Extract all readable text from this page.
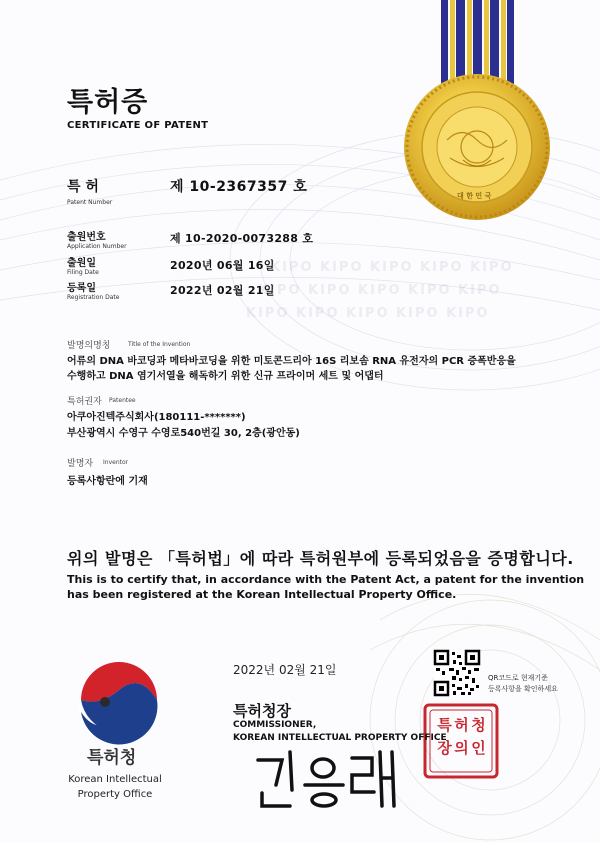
KIPO KIPO KIPO KIPO KIPO
KIPO KIPO KIPO KIPO KIPO
KIPO KIPO KIPO KIPO KIPO
대 한 민 국
특 허 청
장 의 인
특허증
CERTIFICATE OF PATENT
특 허
Patent Number
제 10-2367357 호
출원번호
Application Number
제 10-2020-0073288 호
출원일
Filing Date
2020년 06월 16일
등록일
Registration Date
2022년 02월 21일
발명의명칭	Title of the Invention
어류의 DNA 바코딩과 메타바코딩을 위한 미토콘드리아 16S 리보솜 RNA 유전자의 PCR 증폭반응을
수행하고 DNA 염기서열을 해독하기 위한 신규 프라이머 세트 및 어댑터
특허권자 Patentee
아쿠아진텍주식회사(180111-*******)
부산광역시 수영구 수영로540번길 30, 2층(광안동)
발명자 Inventor
등록사항란에 기재
위의 발명은 「특허법」에 따라 특허원부에 등록되었음을 증명합니다.
This is to certify that, in accordance with the Patent Act, a patent for the invention
has been registered at the Korean Intellectual Property Office.
특허청
Korean Intellectual
Property Office
2022년 02월 21일
특허청장
COMMISSIONER,
KOREAN INTELLECTUAL PROPERTY OFFICE
QR코드로 현재기준
등록사항을 확인하세요
